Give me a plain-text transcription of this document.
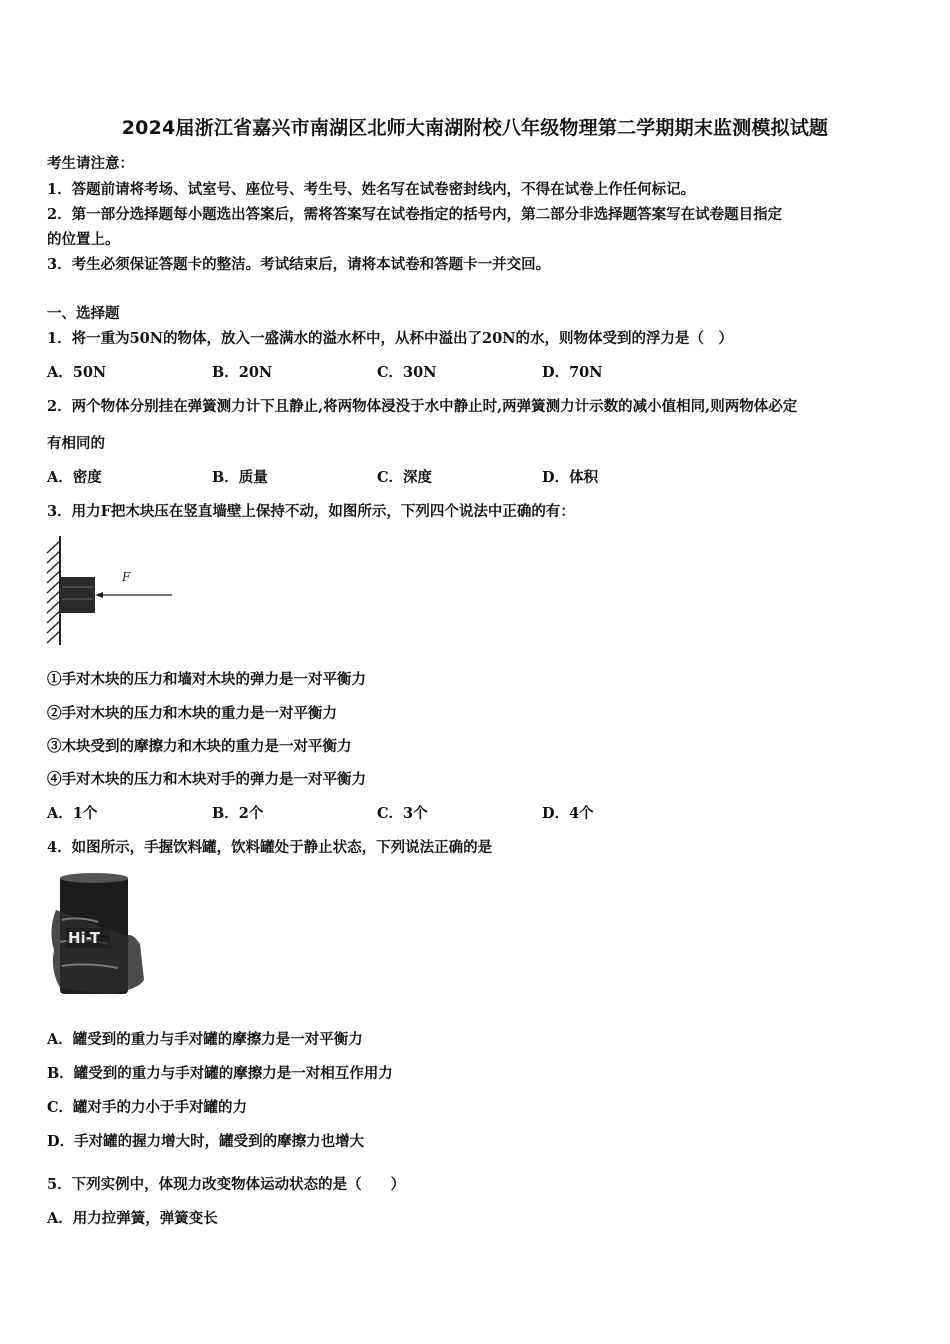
2024届浙江省嘉兴市南湖区北师大南湖附校八年级物理第二学期期末监测模拟试题
考生请注意：
1．答题前请将考场、试室号、座位号、考生号、姓名写在试卷密封线内，不得在试卷上作任何标记。
2．第一部分选择题每小题选出答案后，需将答案写在试卷指定的括号内，第二部分非选择题答案写在试卷题目指定
的位置上。
3．考生必须保证答题卡的整洁。考试结束后，请将本试卷和答题卡一并交回。
一、选择题
1．将一重为50N的物体，放入一盛满水的溢水杯中，从杯中溢出了20N的水，则物体受到的浮力是（　）
A．50N	B．20N	C．30N	D．70N
2．两个物体分别挂在弹簧测力计下且静止,将两物体浸没于水中静止时,两弹簧测力计示数的减小值相同,则两物体必定
有相同的
A．密度	B．质量	C．深度	D．体积
3．用力F把木块压在竖直墙壁上保持不动，如图所示，下列四个说法中正确的有：
F
①手对木块的压力和墙对木块的弹力是一对平衡力
②手对木块的压力和木块的重力是一对平衡力
③木块受到的摩擦力和木块的重力是一对平衡力
④手对木块的压力和木块对手的弹力是一对平衡力
A．1个	B．2个	C．3个	D．4个
4．如图所示，手握饮料罐，饮料罐处于静止状态，下列说法正确的是
Hi-T
A．罐受到的重力与手对罐的摩擦力是一对平衡力
B．罐受到的重力与手对罐的摩擦力是一对相互作用力
C．罐对手的力小于手对罐的力
D．手对罐的握力增大时，罐受到的摩擦力也增大
5．下列实例中，体现力改变物体运动状态的是（　　）
A．用力拉弹簧，弹簧变长
